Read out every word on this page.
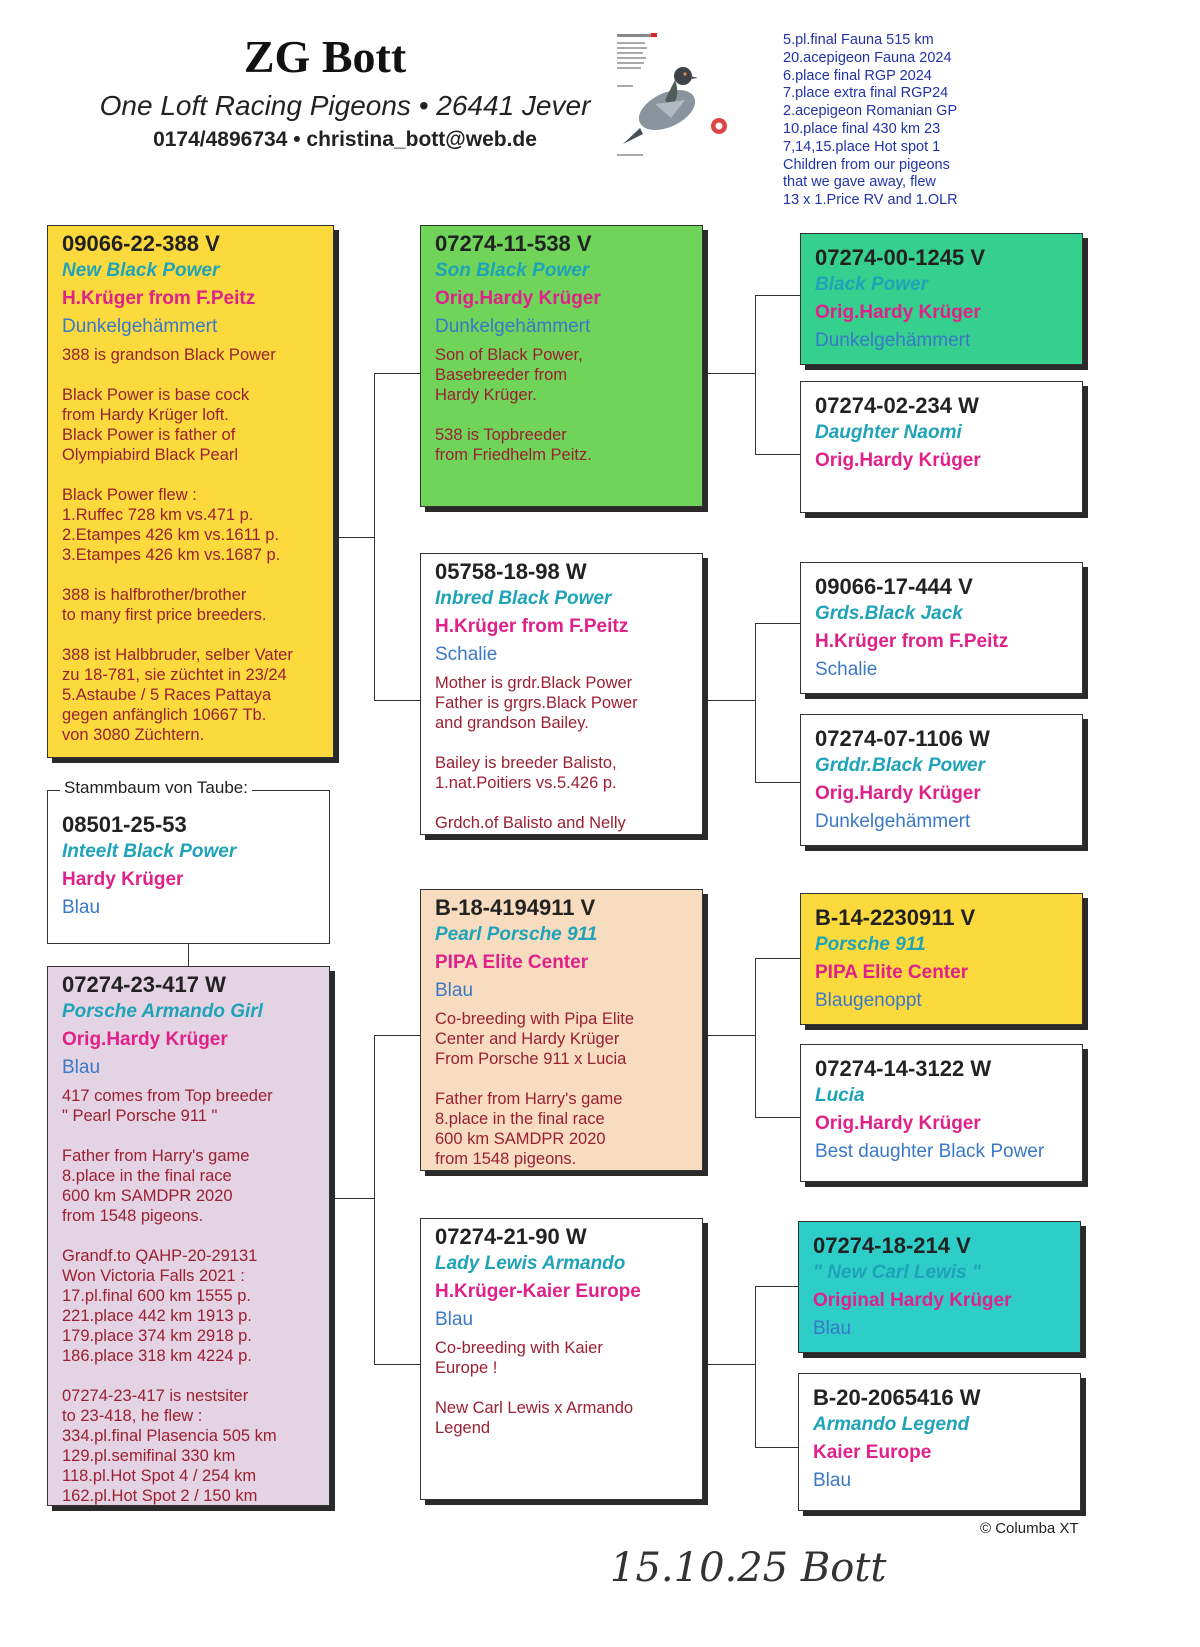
ZG Bott
One Loft Racing Pigeons • 26441 Jever
0174/4896734 • christina_bott@web.de
5.pl.final Fauna 515 km
20.acepigeon Fauna 2024
6.place final RGP 2024
7.place extra final RGP24
2.acepigeon Romanian GP
10.place final 430 km 23
7,14,15.place Hot spot 1
Children from our pigeons
that we gave away, flew
13 x 1.Price RV and 1.OLR
09066-22-388 V
New Black Power
H.Krüger from F.Peitz
Dunkelgehämmert
388 is grandson Black Power
Black Power is base cock
from Hardy Krüger loft.
Black Power is father of
Olympiabird Black Pearl
Black Power flew :
1.Ruffec 728 km vs.471 p.
2.Etampes 426 km vs.1611 p.
3.Etampes 426 km vs.1687 p.
388 is halfbrother/brother
to many first price breeders.
388 ist Halbbruder, selber Vater
zu 18-781, sie züchtet in 23/24
5.Astaube / 5 Races Pattaya
gegen anfänglich 10667 Tb.
von 3080 Züchtern.
08501-25-53
Inteelt Black Power
Hardy Krüger
Blau
Stammbaum von Taube:
07274-23-417 W
Porsche Armando Girl
Orig.Hardy Krüger
Blau
417 comes from Top breeder
" Pearl Porsche 911 "
Father from Harry's game
8.place in the final race
600 km SAMDPR 2020
from 1548 pigeons.
Grandf.to QAHP-20-29131
Won Victoria Falls 2021 :
17.pl.final 600 km 1555 p.
221.place 442 km 1913 p.
179.place 374 km 2918 p.
186.place 318 km 4224 p.
07274-23-417 is nestsiter
to 23-418, he flew :
334.pl.final Plasencia 505 km
129.pl.semifinal 330 km
118.pl.Hot Spot 4 / 254 km
162.pl.Hot Spot 2 / 150 km
07274-11-538 V
Son Black Power
Orig.Hardy Krüger
Dunkelgehämmert
Son of Black Power,
Basebreeder from
Hardy Krüger.
538 is Topbreeder
from Friedhelm Peitz.
05758-18-98 W
Inbred Black Power
H.Krüger from F.Peitz
Schalie
Mother is grdr.Black Power
Father is grgrs.Black Power
and grandson Bailey.
Bailey is breeder Balisto,
1.nat.Poitiers vs.5.426 p.
Grdch.of Balisto and Nelly
B-18-4194911 V
Pearl Porsche 911
PIPA Elite Center
Blau
Co-breeding with Pipa Elite
Center and Hardy Krüger
From Porsche 911 x Lucia
Father from Harry's game
8.place in the final race
600 km SAMDPR 2020
from 1548 pigeons.
07274-21-90 W
Lady Lewis Armando
H.Krüger-Kaier Europe
Blau
Co-breeding with Kaier
Europe !
New Carl Lewis x Armando
Legend
07274-00-1245 V
Black Power
Orig.Hardy Krüger
Dunkelgehämmert
07274-02-234 W
Daughter Naomi
Orig.Hardy Krüger
09066-17-444 V
Grds.Black Jack
H.Krüger from F.Peitz
Schalie
07274-07-1106 W
Grddr.Black Power
Orig.Hardy Krüger
Dunkelgehämmert
B-14-2230911 V
Porsche 911
PIPA Elite Center
Blaugenoppt
07274-14-3122 W
Lucia
Orig.Hardy Krüger
Best daughter Black Power
07274-18-214 V
" New Carl Lewis "
Original Hardy Krüger
Blau
B-20-2065416 W
Armando Legend
Kaier Europe
Blau
© Columba XT
15.10.25 Bott
